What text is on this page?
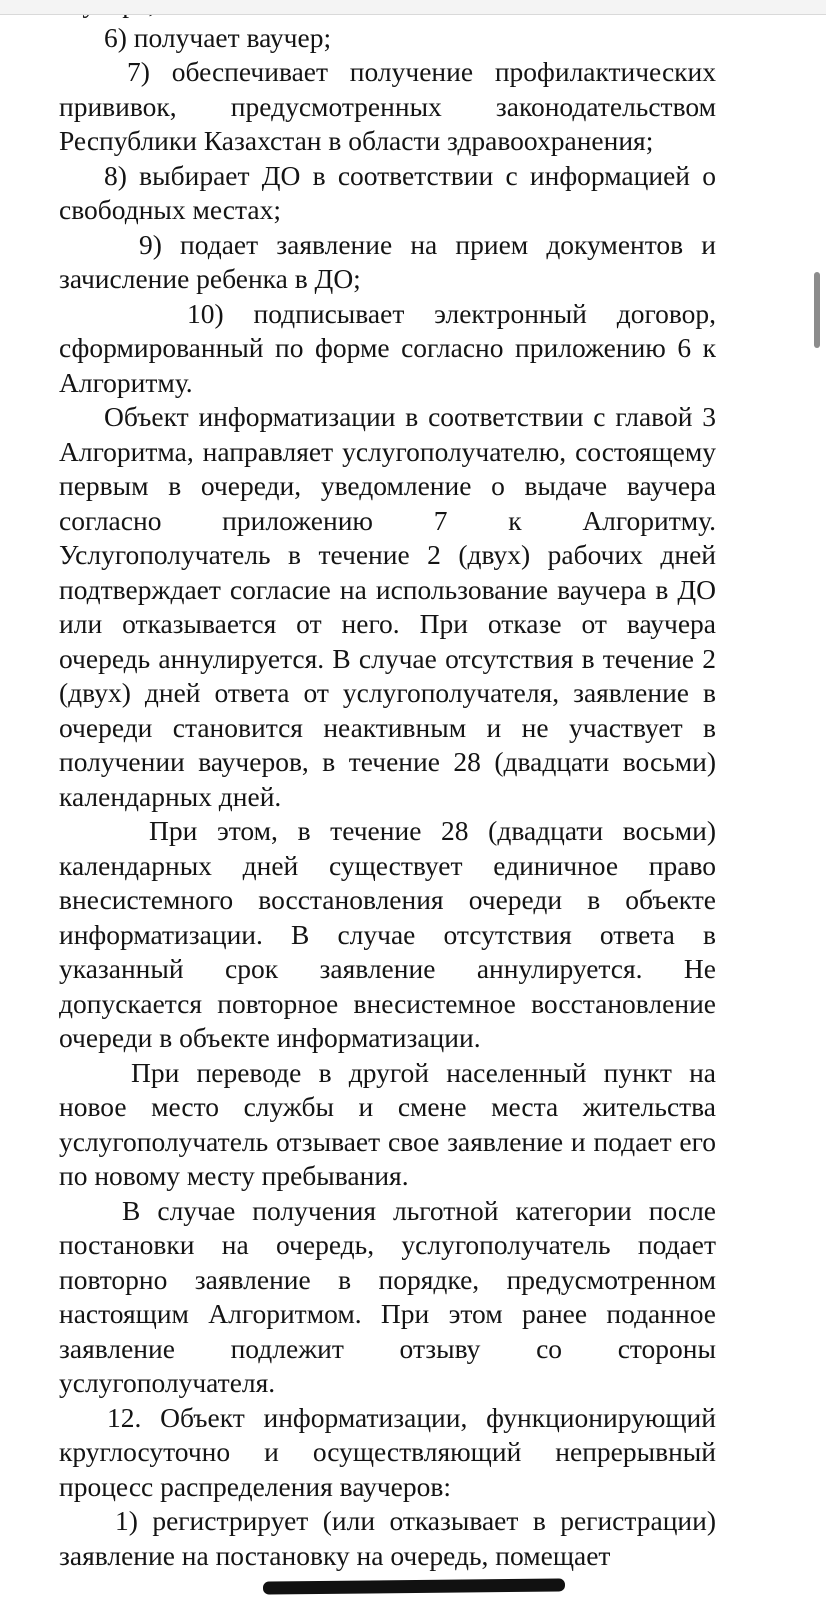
6) получает ваучер;

7) обеспечивает получение профилактических прививок, предусмотренных законодательством Республики Казахстан в области здравоохранения;

8) выбирает ДО в соответствии с информацией о свободных местах;

9) подает заявление на прием документов и зачисление ребенка в ДО;

10) подписывает электронный договор, сформированный по форме согласно приложению 6 к Алгоритму.

Объект информатизации в соответствии с главой 3 Алгоритма, направляет услугополучателю, состоящему первым в очереди, уведомление о выдаче ваучера согласно приложению 7 к Алгоритму. Услугополучатель в течение 2 (двух) рабочих дней подтверждает согласие на использование ваучера в ДО или отказывается от него. При отказе от ваучера очередь аннулируется. В случае отсутствия в течение 2 (двух) дней ответа от услугополучателя, заявление в очереди становится неактивным и не участвует в получении ваучеров, в течение 28 (двадцати восьми) календарных дней.

При этом, в течение 28 (двадцати восьми) календарных дней существует единичное право внесистемного восстановления очереди в объекте информатизации. В случае отсутствия ответа в указанный срок заявление аннулируется. Не допускается повторное внесистемное восстановление очереди в объекте информатизации.

При переводе в другой населенный пункт на новое место службы и смене места жительства услугополучатель отзывает свое заявление и подает его по новому месту пребывания.

В случае получения льготной категории после постановки на очередь, услугополучатель подает повторно заявление в порядке, предусмотренном настоящим Алгоритмом. При этом ранее поданное заявление подлежит отзыву со стороны услугополучателя.

12. Объект информатизации, функционирующий круглосуточно и осуществляющий непрерывный процесс распределения ваучеров:

1) регистрирует (или отказывает в регистрации) заявление на постановку на очередь, помещает
